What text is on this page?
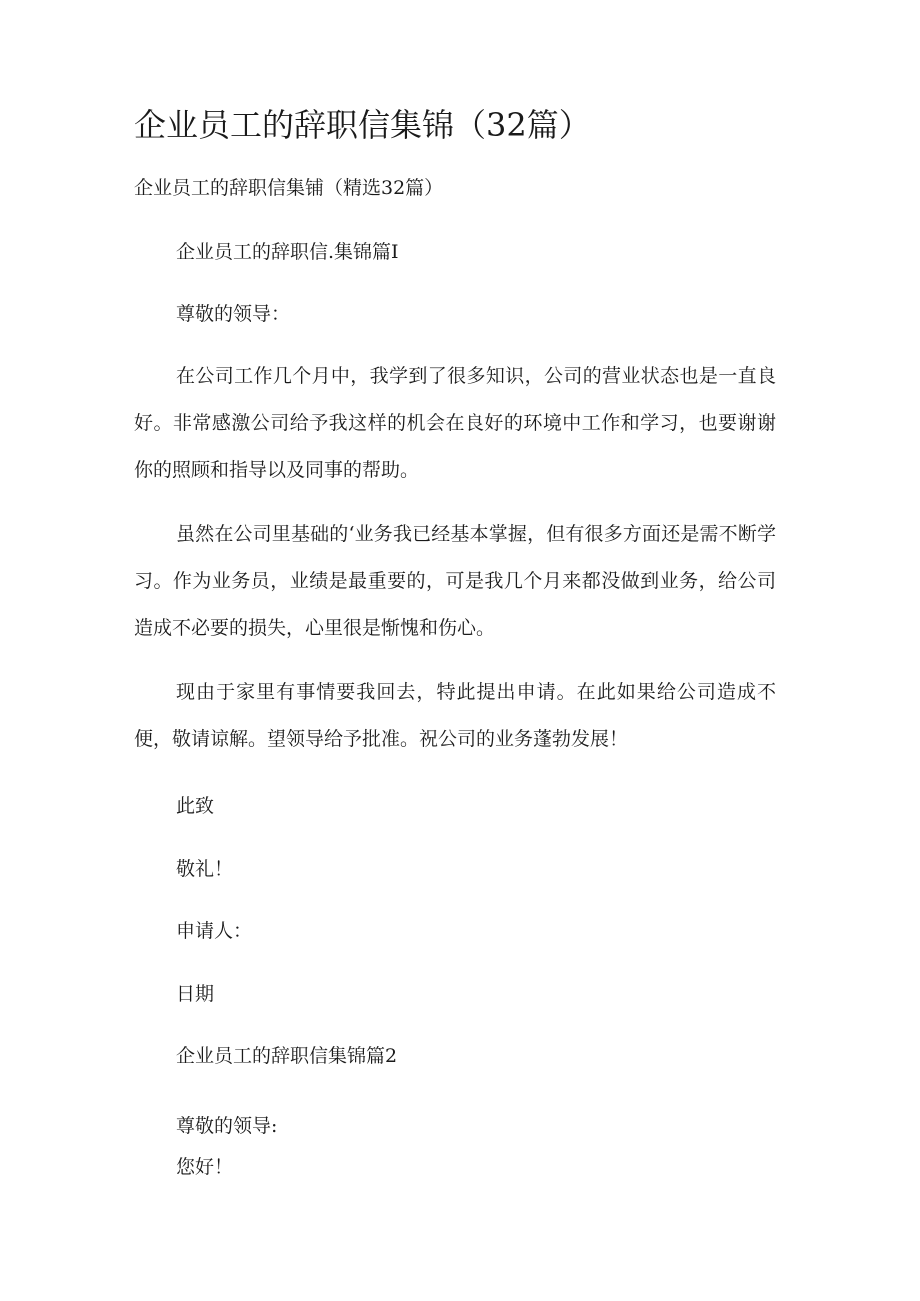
企业员工的辞职信集锦（32篇）

企业员工的辞职信集铺（精选32篇）

企业员工的辞职信.集锦篇I

尊敬的领导：

在公司工作几个月中，我学到了很多知识，公司的营业状态也是一直良好。非常感激公司给予我这样的机会在良好的环境中工作和学习，也要谢谢你的照顾和指导以及同事的帮助。

虽然在公司里基础的‘业务我已经基本掌握，但有很多方面还是需不断学习。作为业务员，业绩是最重要的，可是我几个月来都没做到业务，给公司造成不必要的损失，心里很是惭愧和伤心。

现由于家里有事情要我回去，特此提出申请。在此如果给公司造成不便，敬请谅解。望领导给予批准。祝公司的业务蓬勃发展！

此致

敬礼！

申请人：

日期

企业员工的辞职信集锦篇2

尊敬的领导:

您好！
